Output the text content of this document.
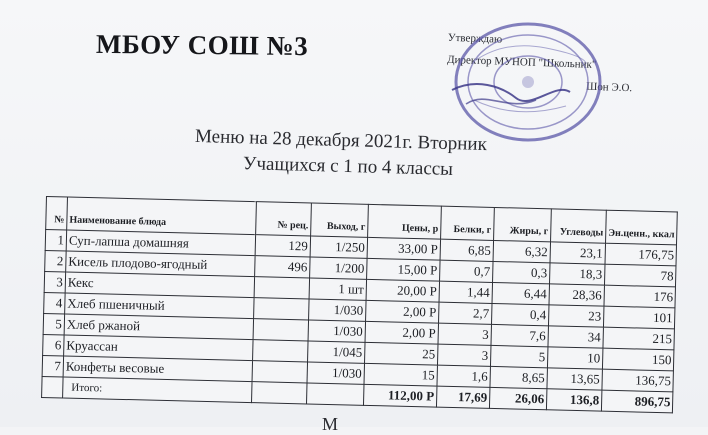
МБОУ СОШ №3	Утверждаю
Директор МУНОП "Школьник"
Шон Э.О.
Меню на 28 декабря 2021г. Вторник
Учащихся с 1 по 4 классы
№	Наименование блюда	№ рец.	Выход, г	Цены, р	Белки, г	Жиры, г	Углеводы	Эн.ценн., ккал
1	Суп-лапша домашняя	129	1/250	33,00 Р	6,85	6,32	23,1	176,75
2	Кисель плодово-ягодный	496	1/200	15,00 Р	0,7	0,3	18,3	78
3	Кекс		1 шт	20,00 Р	1,44	6,44	28,36	176
4	Хлеб пшеничный		1/030	2,00 Р	2,7	0,4	23	101
5	Хлеб ржаной		1/030	2,00 Р	3	7,6	34	215
6	Круассан		1/045	25	3	5	10	150
7	Конфеты весовые		1/030	15	1,6	8,65	13,65	136,75
	Итого:			112,00 Р	17,69	26,06	136,8	896,75
М
